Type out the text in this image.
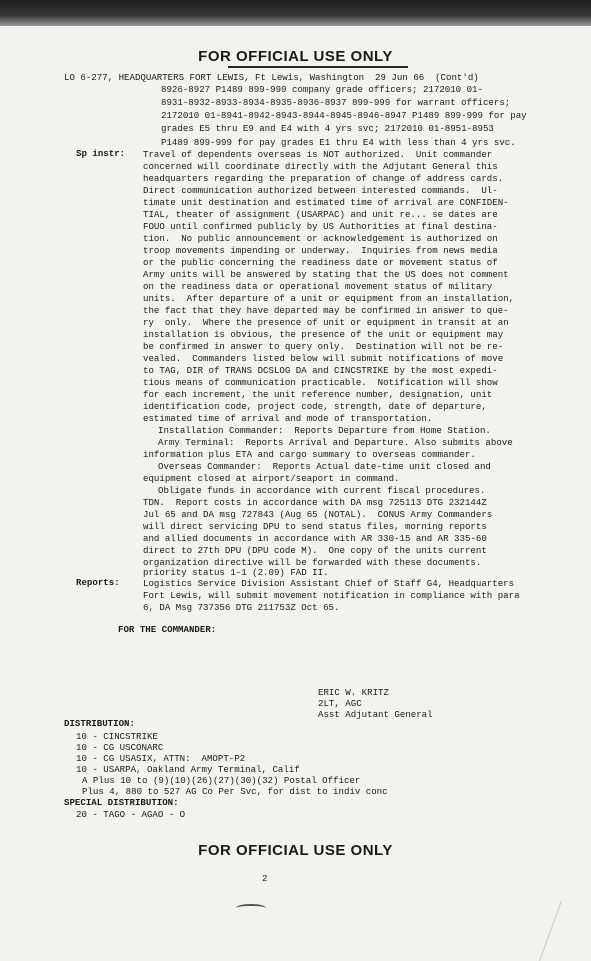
FOR OFFICIAL USE ONLY
LO 6-277, HEADQUARTERS FORT LEWIS, Ft Lewis, Washington  29 Jun 66  (Cont'd)
8926-8927 P1489 899-999 company grade officers; 2172010 01-
8931-8932-8933-8934-8935-8936-8937 899-999 for warrant officers;
2172010 01-8941-8942-8943-8944-8945-8946-8947 P1489 899-999 for pay
grades E5 thru E9 and E4 with 4 yrs svc; 2172010 01-8951-8953
P1489 899-999 for pay grades E1 thru E4 with less than 4 yrs svc.
Travel of dependents overseas is NOT authorized.  Unit commander
concerned will coordinate directly with the Adjutant General this
headquarters regarding the preparation of change of address cards.
Direct communication authorized between interested commands.  Ul-
timate unit destination and estimated time of arrival are CONFIDEN-
TIAL, theater of assignment (USARPAC) and unit re... se dates are
FOUO until confirmed publicly by US Authorities at final destina-
tion.  No public announcement or acknowledgement is authorized on
troop movements impending or underway.  Inquiries from news media
or the public concerning the readiness date or movement status of
Army units will be answered by stating that the US does not comment
on the readiness data or operational movement status of military
units.  After departure of a unit or equipment from an installation,
the fact that they have departed may be confirmed in answer to que-
ry  only.  Where the presence of unit or equipment in transit at an
installation is obvious, the presence of the unit or equipment may
be confirmed in answer to query only.  Destination will not be re-
vealed.  Commanders listed below will submit notifications of move
to TAG, DIR of TRANS DCSLOG DA and CINCSTRIKE by the most expedi-
tious means of communication practicable.  Notification will show
for each increment, the unit reference number, designation, unit
identification code, project code, strength, date of departure,
estimated time of arrival and mode of transportation.
Installation Commander:  Reports Departure from Home Station.
Army Terminal:  Reports Arrival and Departure. Also submits above
information plus ETA and cargo summary to overseas commander.
Overseas Commander:  Reports Actual date-time unit closed and
equipment closed at airport/seaport in command.
Obligate funds in accordance with current fiscal procedures.
TDN.  Report costs in accordance with DA msg 725113 DTG 232144Z
Jul 65 and DA msg 727843 (Aug 65 (NOTAL).  CONUS Army Commanders
will direct servicing DPU to send status files, morning reports
and allied documents in accordance with AR 330-15 and AR 335-60
direct to 27th DPU (DPU code M).  One copy of the units current
organization directive will be forwarded with these documents.
priority status 1-1 (2.09) FAD II.
Logistics Service Division Assistant Chief of Staff G4, Headquarters
Fort Lewis, will submit movement notification in compliance with para
6, DA Msg 737356 DTG 211753Z Oct 65.
FOR THE COMMANDER:
ERIC W. KRITZ
2LT, AGC
Asst Adjutant General
DISTRIBUTION:
10 - CINCSTRIKE
10 - CG USCONARC
10 - CG USASIX, ATTN:  AMOPT-P2
10 - USARPA, Oakland Army Terminal, Calif
A Plus 10 to (9)(10)(26)(27)(30)(32) Postal Officer
Plus 4, 880 to 527 AG Co Per Svc, for dist to indiv conc
SPECIAL DISTRIBUTION:
20 - TAGO - AGAO - O
Sp instr:
Reports:
FOR OFFICIAL USE ONLY
2
